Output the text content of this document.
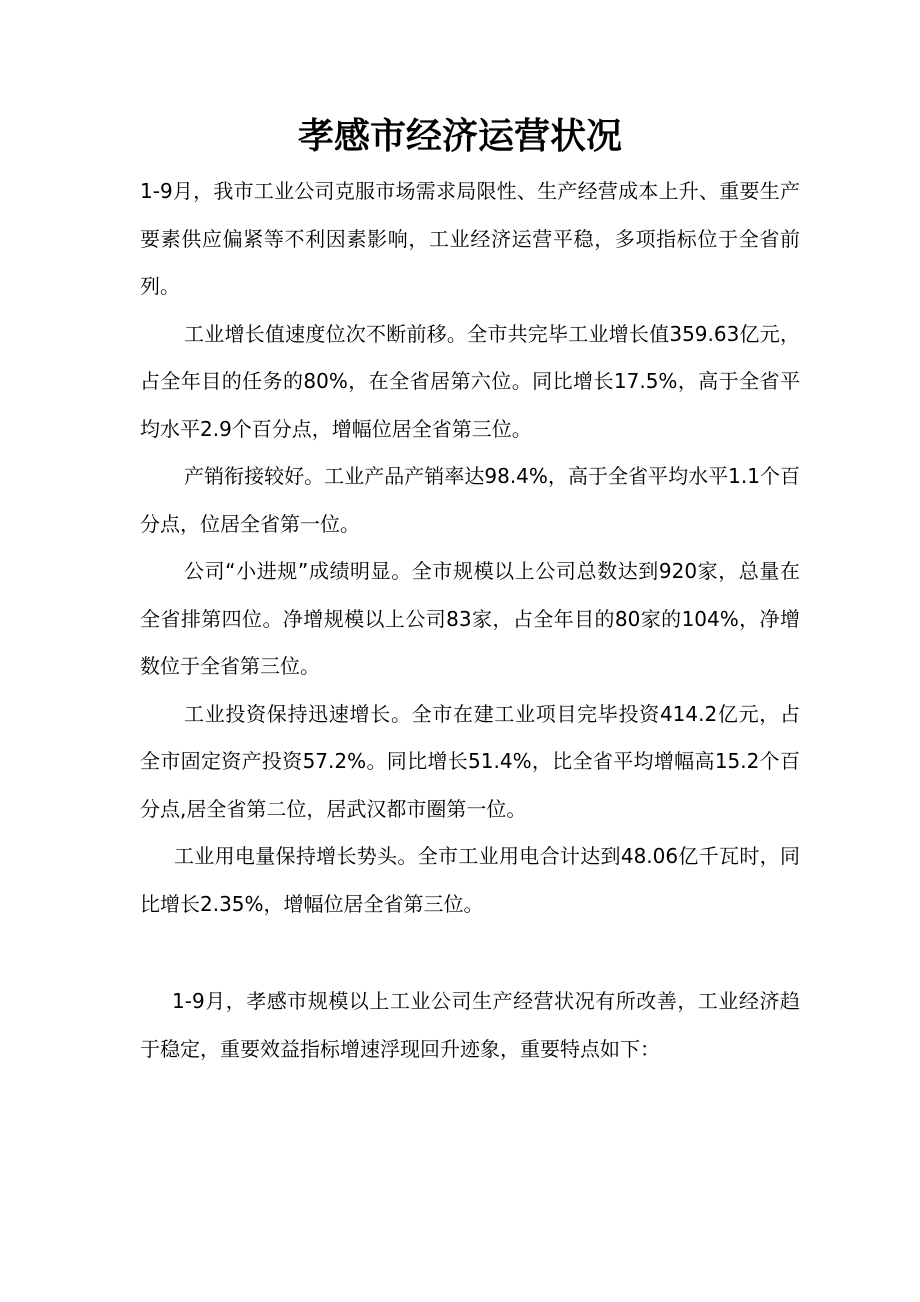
孝感市经济运营状况

1-9月，我市工业公司克服市场需求局限性、生产经营成本上升、重要生产要素供应偏紧等不利因素影响，工业经济运营平稳，多项指标位于全省前列。

工业增长值速度位次不断前移。全市共完毕工业增长值359.63亿元，占全年目的任务的80%，在全省居第六位。同比增长17.5%，高于全省平均水平2.9个百分点，增幅位居全省第三位。

产销衔接较好。工业产品产销率达98.4%，高于全省平均水平1.1个百分点，位居全省第一位。

公司“小进规”成绩明显。全市规模以上公司总数达到920家，总量在全省排第四位。净增规模以上公司83家，占全年目的80家的104%，净增数位于全省第三位。

工业投资保持迅速增长。全市在建工业项目完毕投资414.2亿元，占全市固定资产投资57.2%。同比增长51.4%，比全省平均增幅高15.2个百分点,居全省第二位，居武汉都市圈第一位。

工业用电量保持增长势头。全市工业用电合计达到48.06亿千瓦时，同比增长2.35%，增幅位居全省第三位。

1-9月，孝感市规模以上工业公司生产经营状况有所改善，工业经济趋于稳定，重要效益指标增速浮现回升迹象，重要特点如下：
